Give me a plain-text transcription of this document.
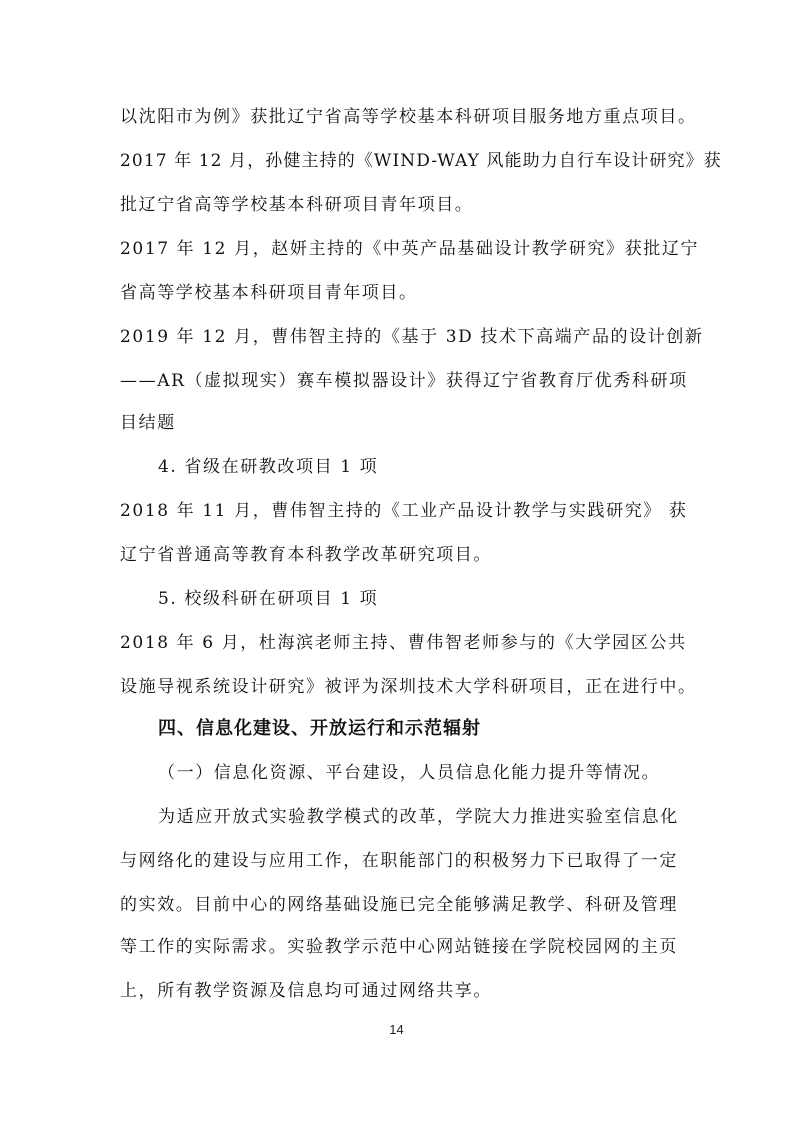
以沈阳市为例》获批辽宁省高等学校基本科研项目服务地方重点项目。
2017 年 12 月，孙健主持的《WIND-WAY 风能助力自行车设计研究》获
批辽宁省高等学校基本科研项目青年项目。
2017 年 12 月，赵妍主持的《中英产品基础设计教学研究》获批辽宁
省高等学校基本科研项目青年项目。
2019 年 12 月，曹伟智主持的《基于 3D 技术下高端产品的设计创新
——AR（虚拟现实）赛车模拟器设计》获得辽宁省教育厅优秀科研项
目结题
4. 省级在研教改项目 1 项
2018 年 11 月，曹伟智主持的《工业产品设计教学与实践研究》 获
辽宁省普通高等教育本科教学改革研究项目。
5. 校级科研在研项目 1 项
2018 年 6 月，杜海滨老师主持、曹伟智老师参与的《大学园区公共
设施导视系统设计研究》被评为深圳技术大学科研项目，正在进行中。
四、信息化建设、开放运行和示范辐射
（一）信息化资源、平台建设，人员信息化能力提升等情况。
为适应开放式实验教学模式的改革，学院大力推进实验室信息化
与网络化的建设与应用工作，在职能部门的积极努力下已取得了一定
的实效。目前中心的网络基础设施已完全能够满足教学、科研及管理
等工作的实际需求。实验教学示范中心网站链接在学院校园网的主页
上，所有教学资源及信息均可通过网络共享。
14
